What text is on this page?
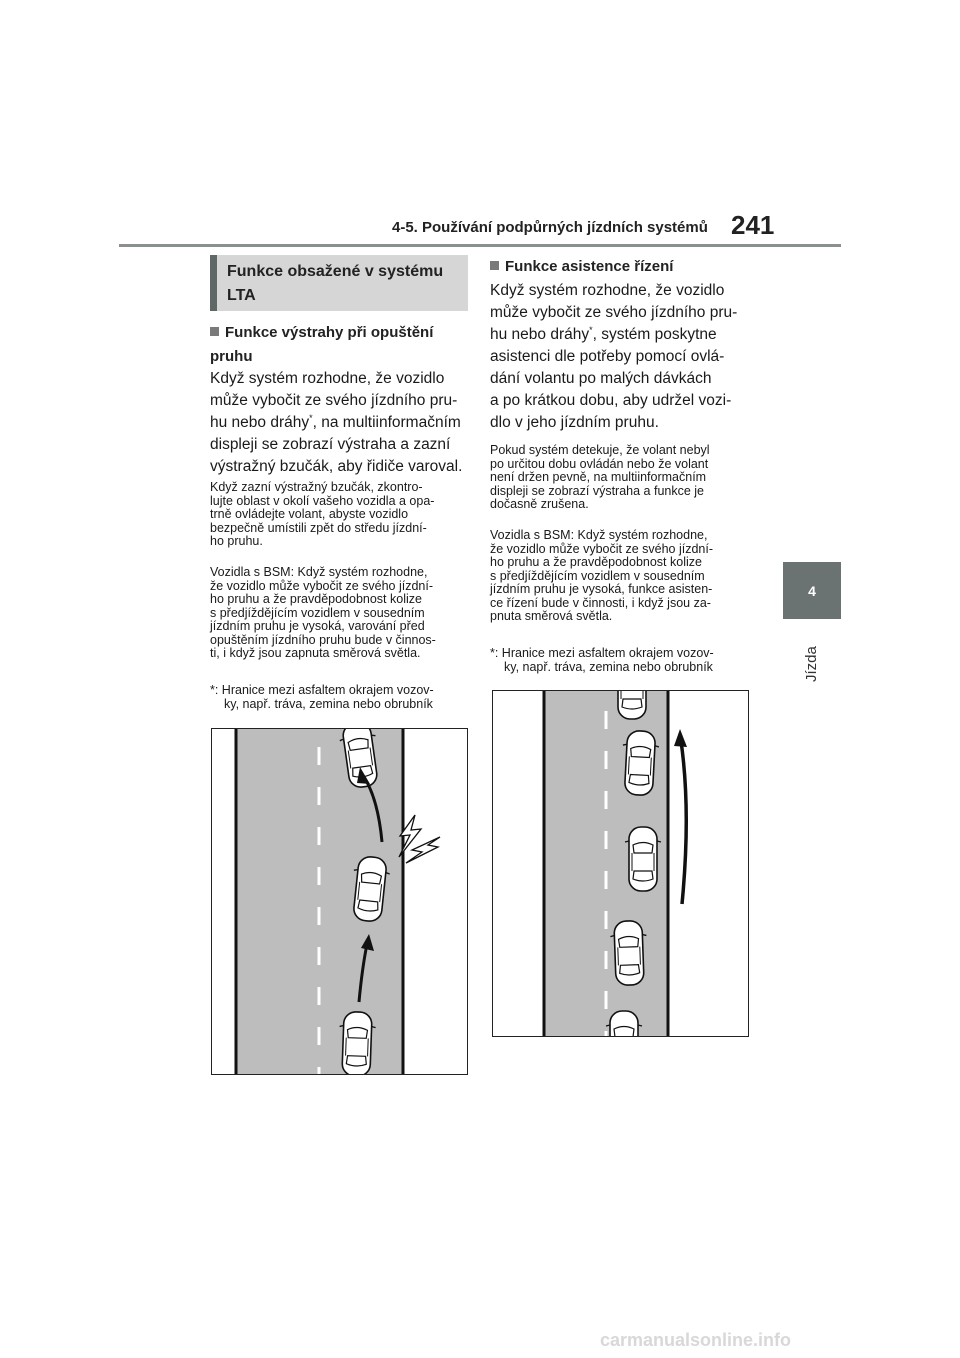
4-5. Používání podpůrných jízdních systémů 241
4
Jízda
Funkce obsažené v systému LTA
Funkce výstrahy při opuštění pruhu
Když systém rozhodne, že vozidlo
může vybočit ze svého jízdního pru-
hu nebo dráhy*, na multiinformačním
displeji se zobrazí výstraha a zazní
výstražný bzučák, aby řidiče varoval.
Když zazní výstražný bzučák, zkontro-
lujte oblast v okolí vašeho vozidla a opa-
trně ovládejte volant, abyste vozidlo
bezpečně umístili zpět do středu jízdní-
ho pruhu.
Vozidla s BSM: Když systém rozhodne,
že vozidlo může vybočit ze svého jízdní-
ho pruhu a že pravděpodobnost kolize
s předjíždějícím vozidlem v sousedním
jízdním pruhu je vysoká, varování před
opuštěním jízdního pruhu bude v činnos-
ti, i když jsou zapnuta směrová světla.
*: Hranice mezi asfaltem okrajem vozov-
ky, např. tráva, zemina nebo obrubník
Funkce asistence řízení
Když systém rozhodne, že vozidlo
může vybočit ze svého jízdního pru-
hu nebo dráhy*, systém poskytne
asistenci dle potřeby pomocí ovlá-
dání volantu po malých dávkách
a po krátkou dobu, aby udržel vozi-
dlo v jeho jízdním pruhu.
Pokud systém detekuje, že volant nebyl
po určitou dobu ovládán nebo že volant
není držen pevně, na multiinformačním
displeji se zobrazí výstraha a funkce je
dočasně zrušena.
Vozidla s BSM: Když systém rozhodne,
že vozidlo může vybočit ze svého jízdní-
ho pruhu a že pravděpodobnost kolize
s předjíždějícím vozidlem v sousedním
jízdním pruhu je vysoká, funkce asisten-
ce řízení bude v činnosti, i když jsou za-
pnuta směrová světla.
*: Hranice mezi asfaltem okrajem vozov-
ky, např. tráva, zemina nebo obrubník
carmanualsonline.info
